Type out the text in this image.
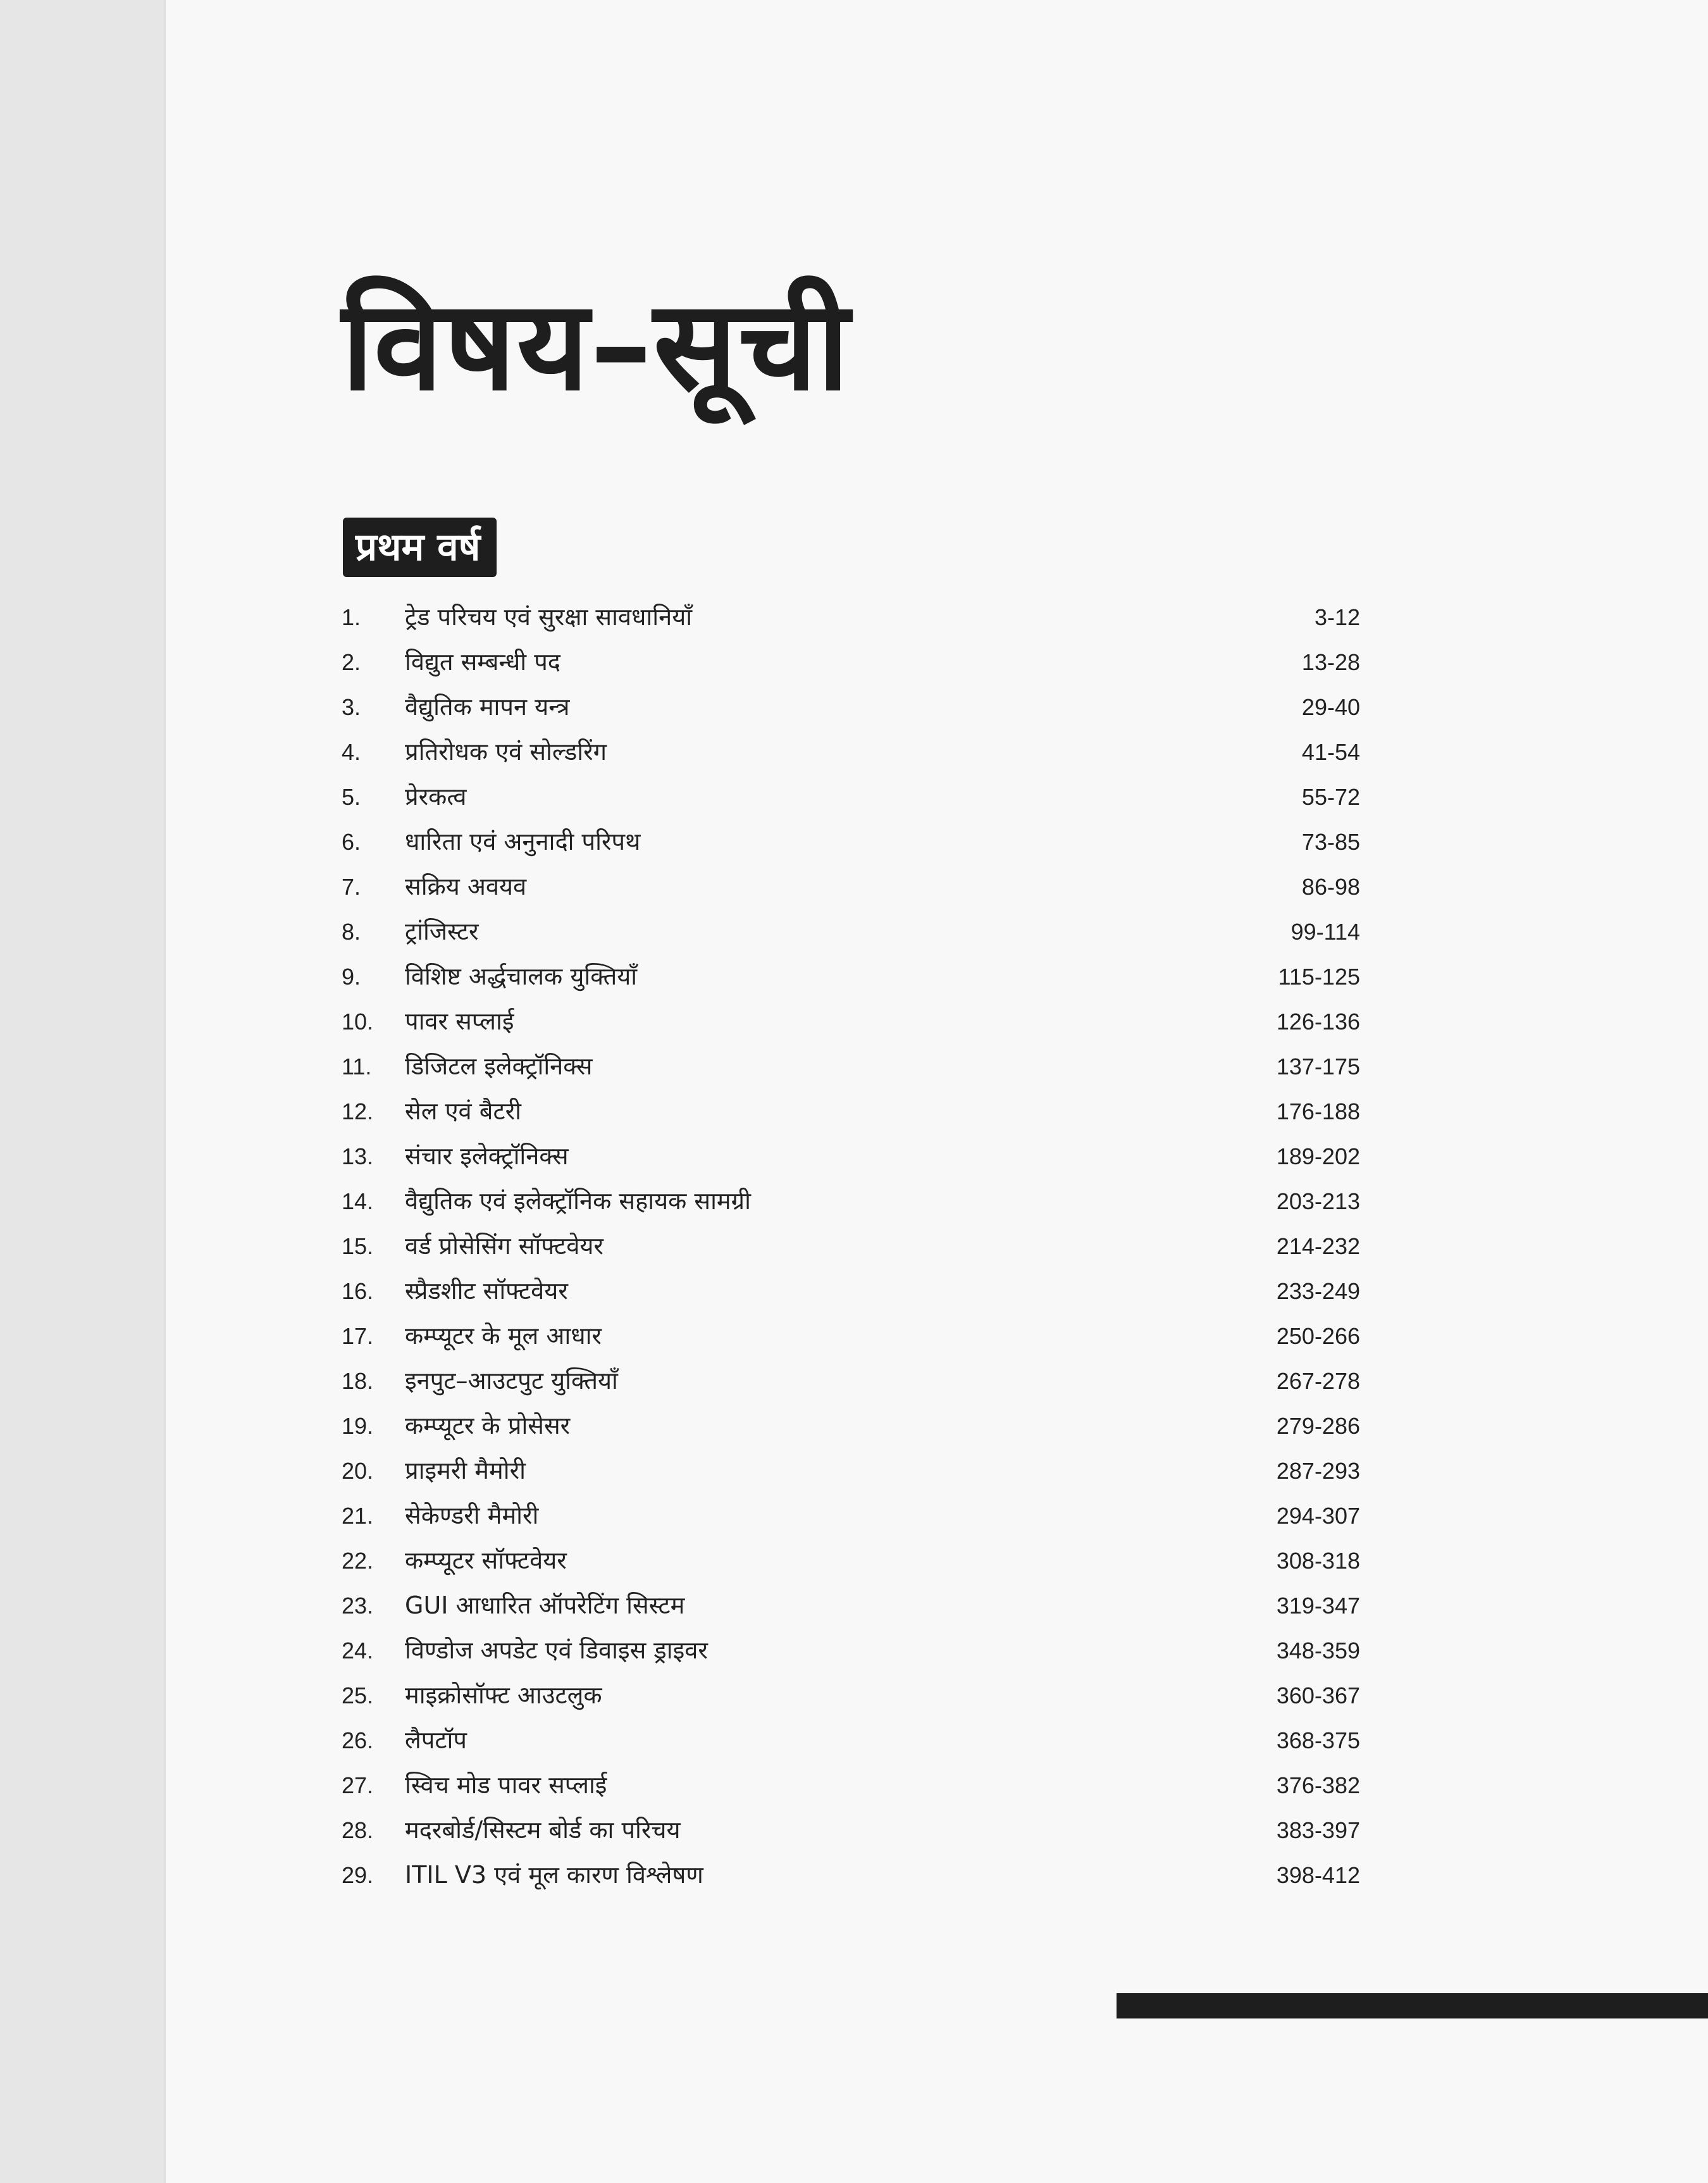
विषय–सूची
प्रथम वर्ष
1.	ट्रेड परिचय एवं सुरक्षा सावधानियाँ	3-12
2.	विद्युत सम्बन्धी पद	13-28
3.	वैद्युतिक मापन यन्त्र	29-40
4.	प्रतिरोधक एवं सोल्डरिंग	41-54
5.	प्रेरकत्व	55-72
6.	धारिता एवं अनुनादी परिपथ	73-85
7.	सक्रिय अवयव	86-98
8.	ट्रांजिस्टर	99-114
9.	विशिष्ट अर्द्धचालक युक्तियाँ	115-125
10.	पावर सप्लाई	126-136
11.	डिजिटल इलेक्ट्रॉनिक्स	137-175
12.	सेल एवं बैटरी	176-188
13.	संचार इलेक्ट्रॉनिक्स	189-202
14.	वैद्युतिक एवं इलेक्ट्रॉनिक सहायक सामग्री	203-213
15.	वर्ड प्रोसेसिंग सॉफ्टवेयर	214-232
16.	स्प्रैडशीट सॉफ्टवेयर	233-249
17.	कम्प्यूटर के मूल आधार	250-266
18.	इनपुट–आउटपुट युक्तियाँ	267-278
19.	कम्प्यूटर के प्रोसेसर	279-286
20.	प्राइमरी मैमोरी	287-293
21.	सेकेण्डरी मैमोरी	294-307
22.	कम्प्यूटर सॉफ्टवेयर	308-318
23.	GUI आधारित ऑपरेटिंग सिस्टम	319-347
24.	विण्डोज अपडेट एवं डिवाइस ड्राइवर	348-359
25.	माइक्रोसॉफ्ट आउटलुक	360-367
26.	लैपटॉप	368-375
27.	स्विच मोड पावर सप्लाई	376-382
28.	मदरबोर्ड/सिस्टम बोर्ड का परिचय	383-397
29.	ITIL V3 एवं मूल कारण विश्लेषण	398-412
